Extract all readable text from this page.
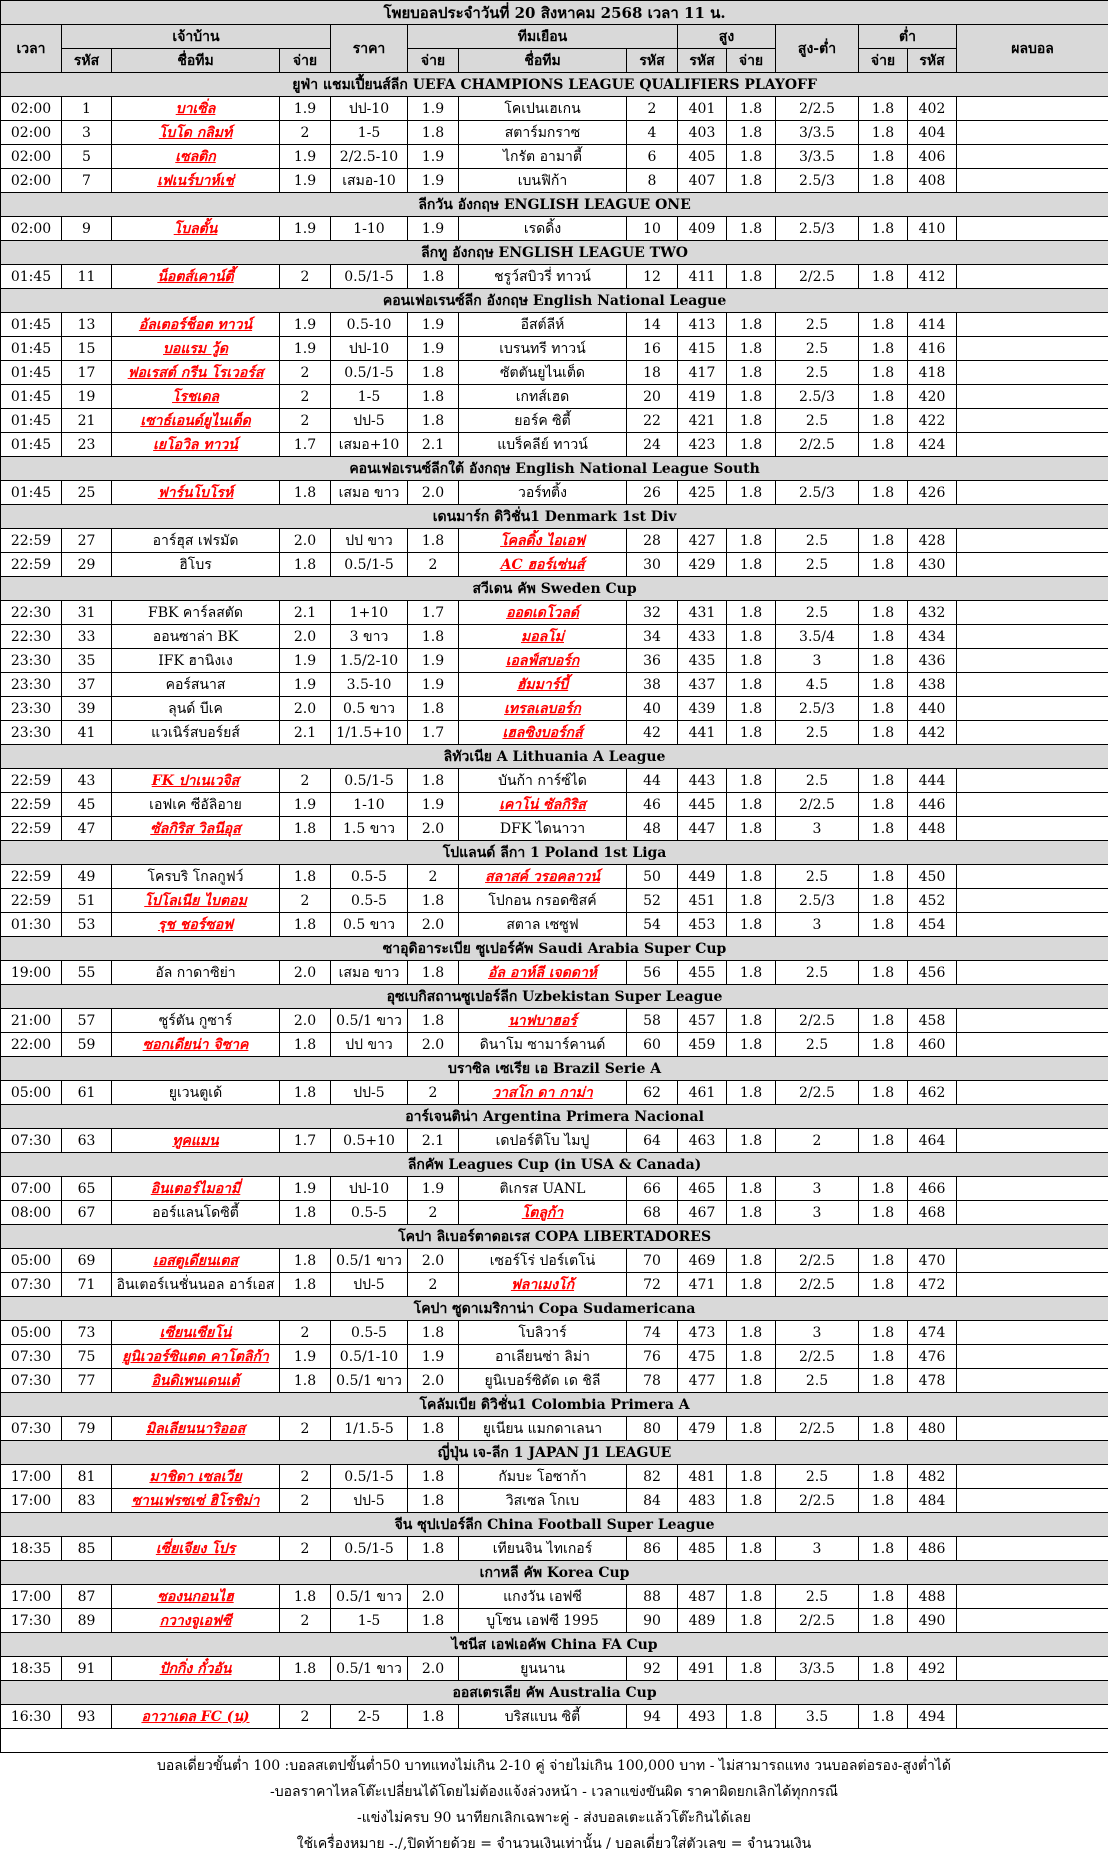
โพยบอลประจำวันที่ 20 สิงหาคม 2568 เวลา 11 น.													
เวลา	เจ้าบ้าน			ราคา	ทีมเยือน			สูง		สูง-ต่ำ	ต่ำ		ผลบอล
	รหัส	ชื่อทีม	จ่าย		จ่าย	ชื่อทีม	รหัส	รหัส	จ่าย		จ่าย	รหัส	
ยูฟ่า แชมเปี้ยนส์ลีก UEFA CHAMPIONS LEAGUE QUALIFIERS PLAYOFF													
02:00	1	บาเซิ่ล	1.9	ปป-10	1.9	โคเปนเฮเกน	2	401	1.8	2/2.5	1.8	402	
02:00	3	โบโด กลิมท์	2	1-5	1.8	สตาร์มกราซ	4	403	1.8	3/3.5	1.8	404	
02:00	5	เซลติก	1.9	2/2.5-10	1.9	ไกรัต อามาตี้	6	405	1.8	3/3.5	1.8	406	
02:00	7	เฟเนร์บาห์เช่	1.9	เสมอ-10	1.9	เบนฟิก้า	8	407	1.8	2.5/3	1.8	408	
ลีกวัน อังกฤษ ENGLISH LEAGUE ONE													
02:00	9	โบลตั้น	1.9	1-10	1.9	เรดดิ้ง	10	409	1.8	2.5/3	1.8	410	
ลีกทู อังกฤษ ENGLISH LEAGUE TWO													
01:45	11	น็อตส์เคาน์ตี้	2	0.5/1-5	1.8	ชรูว์สบิวรี่ ทาวน์	12	411	1.8	2/2.5	1.8	412	
คอนเฟอเรนซ์ลีก อังกฤษ English National League													
01:45	13	อัลเตอร์ช็อต ทาวน์	1.9	0.5-10	1.9	อีสต์ลีห์	14	413	1.8	2.5	1.8	414	
01:45	15	บอแรม วู้ด	1.9	ปป-10	1.9	เบรนทรี ทาวน์	16	415	1.8	2.5	1.8	416	
01:45	17	ฟอเรสต์ กรีน โรเวอร์ส	2	0.5/1-5	1.8	ซัตตันยูไนเต็ด	18	417	1.8	2.5	1.8	418	
01:45	19	โรชเดล	2	1-5	1.8	เกทส์เฮด	20	419	1.8	2.5/3	1.8	420	
01:45	21	เซาธ์เอนด์ยูไนเต็ด	2	ปป-5	1.8	ยอร์ค ซิตี้	22	421	1.8	2.5	1.8	422	
01:45	23	เยโอวิล ทาวน์	1.7	เสมอ+10	2.1	แบร็คลีย์ ทาวน์	24	423	1.8	2/2.5	1.8	424	
คอนเฟอเรนซ์ลีกใต้ อังกฤษ English National League South													
01:45	25	ฟาร์นโบโรห์	1.8	เสมอ ขาว	2.0	วอร์ทติ้ง	26	425	1.8	2.5/3	1.8	426	
เดนมาร์ก ดิวิชั่น1 Denmark 1st Div													
22:59	27	อาร์ฮุส เฟรมัด	2.0	ปป ขาว	1.8	โคลดิ้ง ไอเอฟ	28	427	1.8	2.5	1.8	428	
22:59	29	ฮิโบร	1.8	0.5/1-5	2	AC ฮอร์เซ่นส์	30	429	1.8	2.5	1.8	430	
สวีเดน คัพ Sweden Cup													
22:30	31	FBK คาร์ลสตัด	2.1	1+10	1.7	ออดเดโวลด์	32	431	1.8	2.5	1.8	432	
22:30	33	ออนซาล่า BK	2.0	3 ขาว	1.8	มอลโม่	34	433	1.8	3.5/4	1.8	434	
23:30	35	IFK ฮานิงเง	1.9	1.5/2-10	1.9	เอลฟ์สบอร์ก	36	435	1.8	3	1.8	436	
23:30	37	คอร์สนาส	1.9	3.5-10	1.9	ฮัมมาร์บี้	38	437	1.8	4.5	1.8	438	
23:30	39	ลุนด์ บีเค	2.0	0.5 ขาว	1.8	เทรลเลบอร์ก	40	439	1.8	2.5/3	1.8	440	
23:30	41	แวเนิร์สบอร์ยส์	2.1	1/1.5+10	1.7	เฮลซิงบอร์กส์	42	441	1.8	2.5	1.8	442	
ลิทัวเนีย A Lithuania A League													
22:59	43	FK ปาเนเวจิส	2	0.5/1-5	1.8	บันก้า การ์ซ์ได	44	443	1.8	2.5	1.8	444	
22:59	45	เอฟเค ซีอัลิอาย	1.9	1-10	1.9	เคาโน่ ซัลกิริส	46	445	1.8	2/2.5	1.8	446	
22:59	47	ซัลกิริส วิลนีอุส	1.8	1.5 ขาว	2.0	DFK ไดนาวา	48	447	1.8	3	1.8	448	
โปแลนด์ ลีกา 1 Poland 1st Liga													
22:59	49	โครบริ โกลกูฟว์	1.8	0.5-5	2	สลาสค์ วรอคลาวน์	50	449	1.8	2.5	1.8	450	
22:59	51	โปโลเนีย ไบตอม	2	0.5-5	1.8	โปกอน กรอดซิสค์	52	451	1.8	2.5/3	1.8	452	
01:30	53	รุช ชอร์ซอฟ	1.8	0.5 ขาว	2.0	สตาล เซซูฟ	54	453	1.8	3	1.8	454	
ซาอุดิอาระเบีย ซูเปอร์คัพ Saudi Arabia Super Cup													
19:00	55	อัล กาดาซิย่า	2.0	เสมอ ขาว	1.8	อัล อาห์ลี เจดดาห์	56	455	1.8	2.5	1.8	456	
อุซเบกิสถานซูเปอร์ลีก Uzbekistan Super League													
21:00	57	ซูร์ตัน กูซาร์	2.0	0.5/1 ขาว	1.8	นาฟบาฮอร์	58	457	1.8	2/2.5	1.8	458	
22:00	59	ซอกเดียน่า จิซาค	1.8	ปป ขาว	2.0	ดินาโม ซามาร์คานด์	60	459	1.8	2.5	1.8	460	
บราซิล เซเรีย เอ Brazil Serie A													
05:00	61	ยูเวนตูเด้	1.8	ปป-5	2	วาสโก ดา กาม่า	62	461	1.8	2/2.5	1.8	462	
อาร์เจนติน่า Argentina Primera Nacional													
07:30	63	ทูคแมน	1.7	0.5+10	2.1	เดปอร์ติโบ ไมปู	64	463	1.8	2	1.8	464	
ลีกคัพ Leagues Cup (in USA & Canada)													
07:00	65	อินเตอร์ไมอามี่	1.9	ปป-10	1.9	ติเกรส UANL	66	465	1.8	3	1.8	466	
08:00	67	ออร์แลนโดซิตี้	1.8	0.5-5	2	โตลูก้า	68	467	1.8	3	1.8	468	
โคปา ลิเบอร์ตาดอเรส COPA LIBERTADORES													
05:00	69	เอสตูเดียนเตส	1.8	0.5/1 ขาว	2.0	เซอร์โร่ ปอร์เตโน่	70	469	1.8	2/2.5	1.8	470	
07:30	71	อินเตอร์เนชั่นนอล อาร์เอส	1.8	ปป-5	2	ฟลาเมงโก้	72	471	1.8	2/2.5	1.8	472	
โคปา ซูดาเมริกาน่า Copa Sudamericana													
05:00	73	เซียนเซียโน่	2	0.5-5	1.8	โบลิวาร์	74	473	1.8	3	1.8	474	
07:30	75	ยูนิเวอร์ซิแตด คาโตลิก้า	1.9	0.5/1-10	1.9	อาเลียนซ่า ลิม่า	76	475	1.8	2/2.5	1.8	476	
07:30	77	อินดิเพนเดนเต้	1.8	0.5/1 ขาว	2.0	ยูนิเบอร์ซิดัด เด ชิลี	78	477	1.8	2.5	1.8	478	
โคลัมเบีย ดิวิชั่น1 Colombia Primera A													
07:30	79	มิลเลียนนาริออส	2	1/1.5-5	1.8	ยูเนียน แมกดาเลนา	80	479	1.8	2/2.5	1.8	480	
ญี่ปุ่น เจ-ลีก 1 JAPAN J1 LEAGUE													
17:00	81	มาชิดา เซลเวีย	2	0.5/1-5	1.8	กัมบะ โอซาก้า	82	481	1.8	2.5	1.8	482	
17:00	83	ซานเฟรซเซ่ ฮิโรชิม่า	2	ปป-5	1.8	วิสเซล โกเบ	84	483	1.8	2/2.5	1.8	484	
จีน ซุปเปอร์ลีก China Football Super League													
18:35	85	เซี่ยเจียง โปร	2	0.5/1-5	1.8	เทียนจิน ไทเกอร์	86	485	1.8	3	1.8	486	
เกาหลี คัพ Korea Cup													
17:00	87	ซองนกอนไฮ	1.8	0.5/1 ขาว	2.0	แกงวัน เอฟซี	88	487	1.8	2.5	1.8	488	
17:30	89	กวางจูเอฟซี	2	1-5	1.8	บูโซน เอฟซี 1995	90	489	1.8	2/2.5	1.8	490	
ไชนีส เอฟเอคัพ China FA Cup													
18:35	91	ปักกิ่ง กั๋วอัน	1.8	0.5/1 ขาว	2.0	ยูนนาน	92	491	1.8	3/3.5	1.8	492	
ออสเตรเลีย คัพ Australia Cup													
16:30	93	อาวาเดล FC (น)	2	2-5	1.8	บริสแบน ซิตี้	94	493	1.8	3.5	1.8	494	

บอลเดี่ยวขั้นต่ำ 100 :บอลสเตปขั้นต่ำ50 บาทแทงไม่เกิน 2-10 คู่ จ่ายไม่เกิน 100,000 บาท - ไม่สามารถแทง วนบอลต่อรอง-สูงต่ำได้
-บอลราคาไหลโต๊ะเปลี่ยนได้โดยไม่ต้องแจ้งล่วงหน้า - เวลาแข่งขันผิด ราคาผิดยกเลิกได้ทุกกรณี
-แข่งไม่ครบ 90 นาทียกเลิกเฉพาะคู่ - ส่งบอลเตะแล้วโต๊ะกินได้เลย
ใช้เครื่องหมาย -./,ปิดท้ายด้วย = จำนวนเงินเท่านั้น / บอลเดี่ยวใส่ตัวเลข = จำนวนเงิน
